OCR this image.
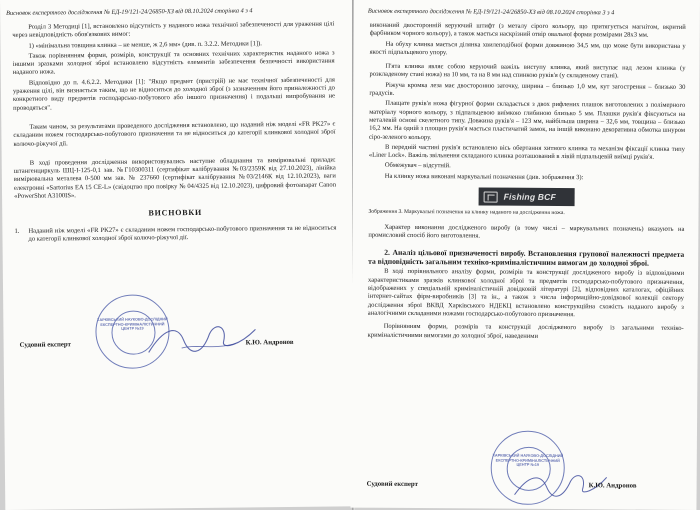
Висновок експертного дослідження № ЕД-19/121-24/26850-ХЗ від 08.10.2024 сторінка 4 з 4

Розділ 3 Методиці [1], встановлено відсутність у наданого ножа технічної забезпеченості для ураження цілі через невідповідність обов'язкових вимог:

1) «мінімальна товщина клинка – не менше, ж 2,6 мм» (див. п. 3.2.2. Методики [1]).

Також порівнянням форми, розмірів, конструкції та основних технічних характеристик наданого ножа з іншими зразками холодної зброї встановлено відсутність елементів забезпечення безпечності використання наданого ножа.

Відповідно до п. 4.6.2.2. Методики [1]: "Якщо предмет (пристрій) не має технічної забезпеченості для ураження цілі, він визнається таким, що не відноситься до холодної зброї (з зазначенням його приналежності до конкретного виду предметів господарсько-побутового або іншого призначення) і подальші випробування не проводяться".

Таким чином, за результатами проведеного дослідження встановлено, що наданий ніж моделі «FR PK27» є складаним ножем господарсько-побутового призначення та не відноситься до категорії клинкової холодної зброї колючо-ріжучої дії.

В ході проведення дослідження використовувались наступне обладнання та вимірювальні прилади: штангенциркуль ШЦ-I-125-0,1 зав. №Г10300311 (сертифікат калібрування №03/2359К від 27.10.2023), лінійка вимірювальна металева 0-500 мм зав. № 237660 (сертифікат калібрування №03/2146К від 12.10.2023), ваги електронні «Sartorius EA 15 CE-L» (свідоцтво про повірку № 04/4325 від 12.10.2023), цифровий фотоапарат Canon «PowerShot A3100IS».

ВИСНОВКИ
1.	Наданий ніж моделі «FR PK27» є складаним ножем господарсько-побутового призначення та не відноситься до категорії клинкової холодної зброї колючо-ріжучої дії.
ХАРКІВСЬКИЙ НАУКОВО-ДОСЛІДНИЙ ЕКСПЕРТНО-КРИМІНАЛІСТИЧНИЙ ЦЕНТР №19
Судовий експерт	К.Ю. Андронов
Висновок експертного дослідження № ЕД-19/121-24/26850-ХЗ від 08.10.2024 сторінка 3 з 4

виконаний двосторонній керуючий штифт (з металу сірого кольору, що притягується магнітом, вкритий фарбником чорного кольору), а також мається наскрізний отвір овальної форми розмірами 28х3 мм.

На обуху клинка мається ділянка хвилеподібної форми довжиною 34,5 мм, що може бути використана у якості підпальцевого упору.

П'ята клинка являє собою керуючий важіль виступу клинка, який виступає над лезом клинка (у розкладеному стані ножа) на 10 мм, та на 8 мм над спинкою руків'я (у складеному стані).

Ріжуча кромка леза має двосторонню заточку, ширина – близько 1,0 мм, кут загострення – близько 30 градусів.

Плащате руків'я ножа фігурної форми складається з двох рифлених плашок виготовлених з полімерного матеріалу чорного кольору, з підпальцевою виїмкою глибиною близько 5 мм. Плашки руків'я фіксуються на металевій основі скелетного типу. Довжина руків'я – 123 мм, найбільша ширина – 32,6 мм, товщина – близько 16,2 мм. На одній з площин руків'я мається пластичатий замок, на іншій виконано декоративна обмотка шнуром сіро-зеленого кольору.

В передній частині руків'я встановлено вісь обертання хитного клинка та механізм фіксації клинка типу «Liner Lock». Важіль звільнення складаного клинка розташований в лівій підпальцевій виїмці руків'я.

Обмежувач – відсутній.

На клинку ножа виконані маркувальні позначення (див. зображення 3):

Fishing BCF

Зображення 3. Маркувальні позначення на клинку наданого на дослідження ножа.

Характер виконання дослідженого виробу (в тому числі – маркувальних позначень) вказують на промисловий спосіб його виготовлення.

2. Аналіз цільової призначеності виробу. Встановлення групової належності предмета та відповідність загальним техніко-криміналістичним вимогам до холодної зброї.

В ході порівняльного аналізу форми, розмірів та конструкції дослідженого виробу із відповідними характеристиками зразків клинкової холодної зброї та предметів господарсько-побутового призначення, відображених у спеціальній криміналістичній довідковій літературі [2], відповідних каталогах, офіційних інтернет-сайтах фірм-виробників [3] та ін., а також з числа інформаційно-довідкової колекції сектору дослідження зброї ВКВД Харківського НДЕКЦ встановлено конструкційна схожість наданого виробу з аналогічними складаними ножами господарсько-побутового призначення.

Порівнянням форми, розмірів та конструкції дослідженого виробу із загальними техніко-криміналістичними вимогами до холодної зброї, наведеними

ХАРКІВСЬКИЙ НАУКОВО-ДОСЛІДНИЙ ЕКСПЕРТНО-КРИМІНАЛІСТИЧНИЙ ЦЕНТР №19
Судовий експерт	К.Ю. Андронов
